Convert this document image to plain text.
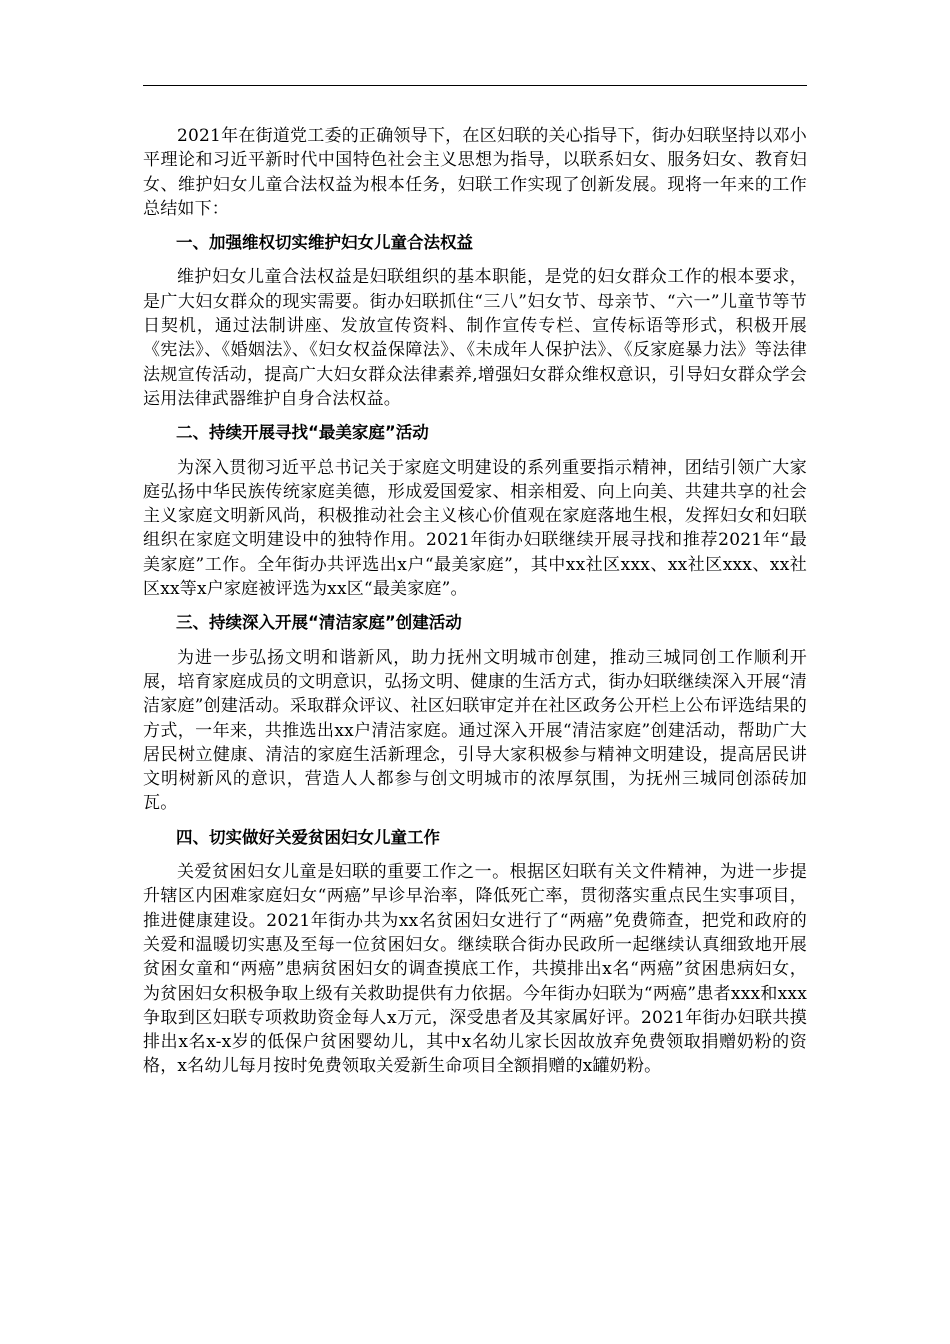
2021年在街道党工委的正确领导下，在区妇联的关心指导下，街办妇联坚持以邓小平理论和习近平新时代中国特色社会主义思想为指导，以联系妇女、服务妇女、教育妇女、维护妇女儿童合法权益为根本任务，妇联工作实现了创新发展。现将一年来的工作总结如下：

一、加强维权切实维护妇女儿童合法权益

维护妇女儿童合法权益是妇联组织的基本职能，是党的妇女群众工作的根本要求，是广大妇女群众的现实需要。街办妇联抓住“三八”妇女节、母亲节、“六一”儿童节等节日契机，通过法制讲座、发放宣传资料、制作宣传专栏、宣传标语等形式，积极开展《宪法》、《婚姻法》、《妇女权益保障法》、《未成年人保护法》、《反家庭暴力法》等法律法规宣传活动，提高广大妇女群众法律素养,增强妇女群众维权意识，引导妇女群众学会运用法律武器维护自身合法权益。

二、持续开展寻找“最美家庭”活动

为深入贯彻习近平总书记关于家庭文明建设的系列重要指示精神，团结引领广大家庭弘扬中华民族传统家庭美德，形成爱国爱家、相亲相爱、向上向美、共建共享的社会主义家庭文明新风尚，积极推动社会主义核心价值观在家庭落地生根，发挥妇女和妇联组织在家庭文明建设中的独特作用。2021年街办妇联继续开展寻找和推荐2021年“最美家庭”工作。全年街办共评选出x户“最美家庭”，其中xx社区xxx、xx社区xxx、xx社区xx等x户家庭被评选为xx区“最美家庭”。

三、持续深入开展“清洁家庭”创建活动

为进一步弘扬文明和谐新风，助力抚州文明城市创建，推动三城同创工作顺利开展，培育家庭成员的文明意识，弘扬文明、健康的生活方式，街办妇联继续深入开展“清洁家庭”创建活动。采取群众评议、社区妇联审定并在社区政务公开栏上公布评选结果的方式，一年来，共推选出xx户清洁家庭。通过深入开展“清洁家庭”创建活动，帮助广大居民树立健康、清洁的家庭生活新理念，引导大家积极参与精神文明建设，提高居民讲文明树新风的意识，营造人人都参与创文明城市的浓厚氛围，为抚州三城同创添砖加瓦。

四、切实做好关爱贫困妇女儿童工作

关爱贫困妇女儿童是妇联的重要工作之一。根据区妇联有关文件精神，为进一步提升辖区内困难家庭妇女“两癌”早诊早治率，降低死亡率，贯彻落实重点民生实事项目，推进健康建设。2021年街办共为xx名贫困妇女进行了“两癌”免费筛查，把党和政府的关爱和温暖切实惠及至每一位贫困妇女。继续联合街办民政所一起继续认真细致地开展贫困女童和“两癌”患病贫困妇女的调查摸底工作，共摸排出x名“两癌”贫困患病妇女，为贫困妇女积极争取上级有关救助提供有力依据。今年街办妇联为“两癌”患者xxx和xxx争取到区妇联专项救助资金每人x万元，深受患者及其家属好评。2021年街办妇联共摸排出x名x-x岁的低保户贫困婴幼儿，其中x名幼儿家长因故放弃免费领取捐赠奶粉的资格，x名幼儿每月按时免费领取关爱新生命项目全额捐赠的x罐奶粉。
